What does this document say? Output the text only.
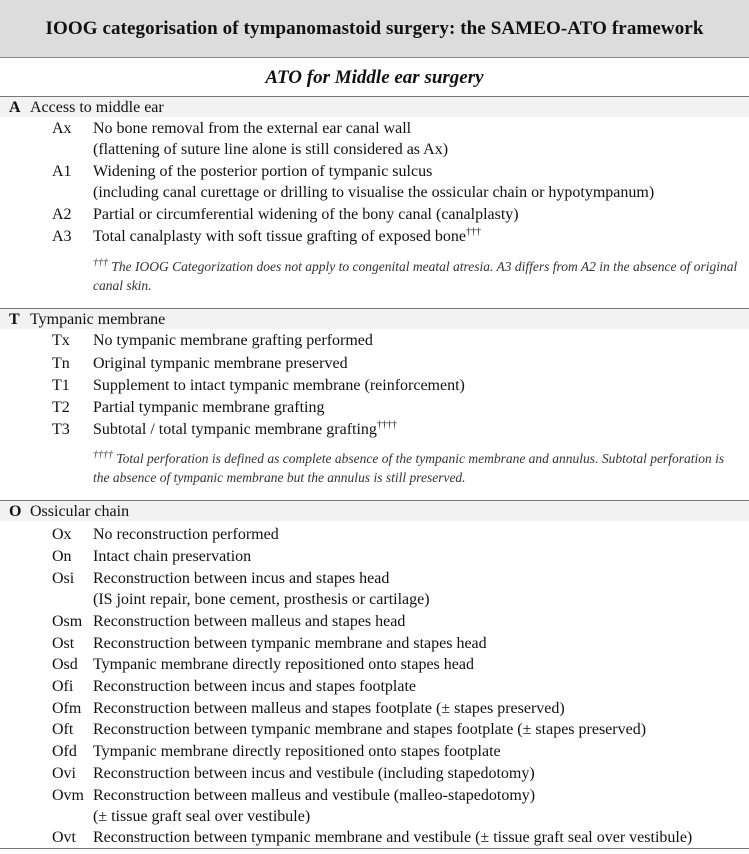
IOOG categorisation of tympanomastoid surgery: the SAMEO-ATO framework
ATO for Middle ear surgery
A Access to middle ear
Ax No bone removal from the external ear canal wall
(flattening of suture line alone is still considered as Ax)
A1 Widening of the posterior portion of tympanic sulcus
(including canal curettage or drilling to visualise the ossicular chain or hypotympanum)
A2 Partial or circumferential widening of the bony canal (canalplasty)
A3 Total canalplasty with soft tissue grafting of exposed bone†††
††† The IOOG Categorization does not apply to congenital meatal atresia. A3 differs from A2 in the absence of original canal skin.
T Tympanic membrane
Tx No tympanic membrane grafting performed
Tn Original tympanic membrane preserved
T1 Supplement to intact tympanic membrane (reinforcement)
T2 Partial tympanic membrane grafting
T3 Subtotal / total tympanic membrane grafting††††
†††† Total perforation is defined as complete absence of the tympanic membrane and annulus. Subtotal perforation is the absence of tympanic membrane but the annulus is still preserved.
O Ossicular chain
Ox No reconstruction performed
On Intact chain preservation
Osi Reconstruction between incus and stapes head
(IS joint repair, bone cement, prosthesis or cartilage)
Osm Reconstruction between malleus and stapes head
Ost Reconstruction between tympanic membrane and stapes head
Osd Tympanic membrane directly repositioned onto stapes head
Ofi Reconstruction between incus and stapes footplate
Ofm Reconstruction between malleus and stapes footplate (± stapes preserved)
Oft Reconstruction between tympanic membrane and stapes footplate (± stapes preserved)
Ofd Tympanic membrane directly repositioned onto stapes footplate
Ovi Reconstruction between incus and vestibule (including stapedotomy)
Ovm Reconstruction between malleus and vestibule (malleo-stapedotomy)
(± tissue graft seal over vestibule)
Ovt Reconstruction between tympanic membrane and vestibule (± tissue graft seal over vestibule)
